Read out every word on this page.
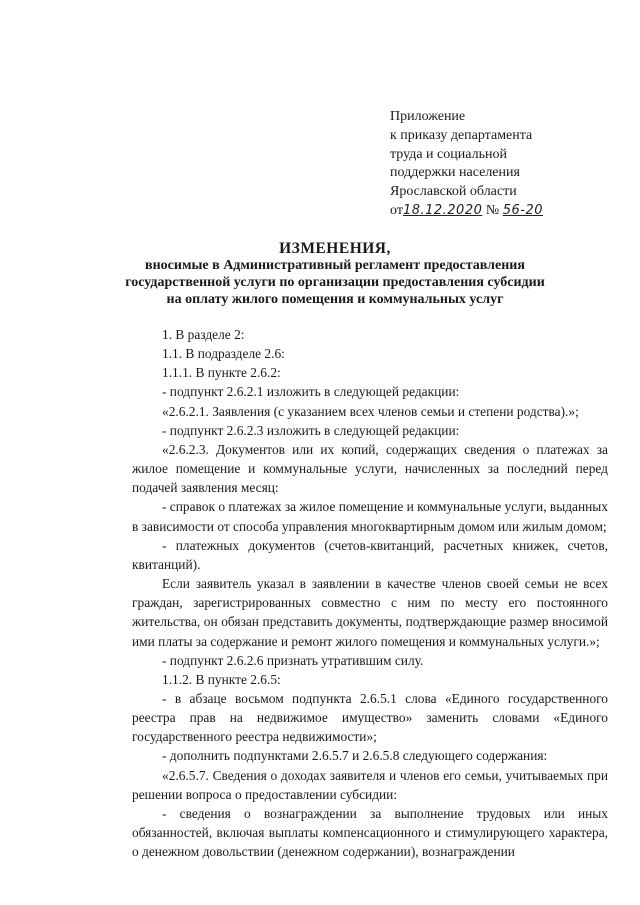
Приложение
к приказу департамента
труда и социальной
поддержки населения
Ярославской области
от18.12.2020 № 56-20
ИЗМЕНЕНИЯ,
вносимые в Административный регламент предоставления
государственной услуги по организации предоставления субсидии
на оплату жилого помещения и коммунальных услуг

1. В разделе 2:

1.1. В подразделе 2.6:

1.1.1. В пункте 2.6.2:

- подпункт 2.6.2.1 изложить в следующей редакции:

«2.6.2.1. Заявления (с указанием всех членов семьи и степени родства).»;

- подпункт 2.6.2.3 изложить в следующей редакции:

«2.6.2.3. Документов или их копий, содержащих сведения о платежах за жилое помещение и коммунальные услуги, начисленных за последний перед подачей заявления месяц:

- справок о платежах за жилое помещение и коммунальные услуги, выданных в зависимости от способа управления многоквартирным домом или жилым домом;

- платежных документов (счетов-квитанций, расчетных книжек, счетов, квитанций).

Если заявитель указал в заявлении в качестве членов своей семьи не всех граждан, зарегистрированных совместно с ним по месту его постоянного жительства, он обязан представить документы, подтверждающие размер вносимой ими платы за содержание и ремонт жилого помещения и коммунальных услуги.»;

- подпункт 2.6.2.6 признать утратившим силу.

1.1.2. В пункте 2.6.5:

- в абзаце восьмом подпункта 2.6.5.1 слова «Единого государственного реестра прав на недвижимое имущество» заменить словами «Единого государственного реестра недвижимости»;

- дополнить подпунктами 2.6.5.7 и 2.6.5.8 следующего содержания:

«2.6.5.7. Сведения о доходах заявителя и членов его семьи, учитываемых при решении вопроса о предоставлении субсидии:

- сведения о вознаграждении за выполнение трудовых или иных обязанностей, включая выплаты компенсационного и стимулирующего характера, о денежном довольствии (денежном содержании), вознаграждении
